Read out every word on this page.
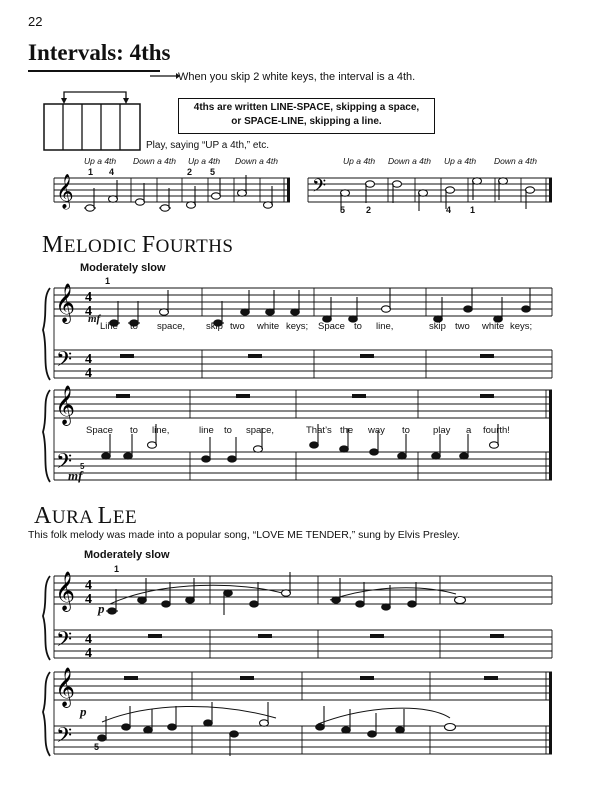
22
Intervals: 4ths
When you skip 2 white keys, the interval is a 4th.
4ths are written LINE-SPACE, skipping a space,
or SPACE-LINE, skipping a line.
Play, saying “UP a 4th,” etc.
Up a 4th Down a 4th Up a 4th Down a 4th
1 4	2 5
𝄞
Up a 4th Down a 4th Up a 4th Down a 4th
𝄢
5 2	4 1
MELODIC FOURTHS
Moderately slow
1
𝄞
𝄢
4
4
4
4
mf
Line to space, skip two white keys; Space to line,	skip two white keys;
𝄞
𝄢
Space to line,	line to space,	That’s the way to play a fourth!
mf
5
AURA LEE
This folk melody was made into a popular song, “LOVE ME TENDER,” sung by Elvis Presley.
Moderately slow
1
𝄞
𝄢
4
4
4
4
p
𝄞
𝄢
p
5
